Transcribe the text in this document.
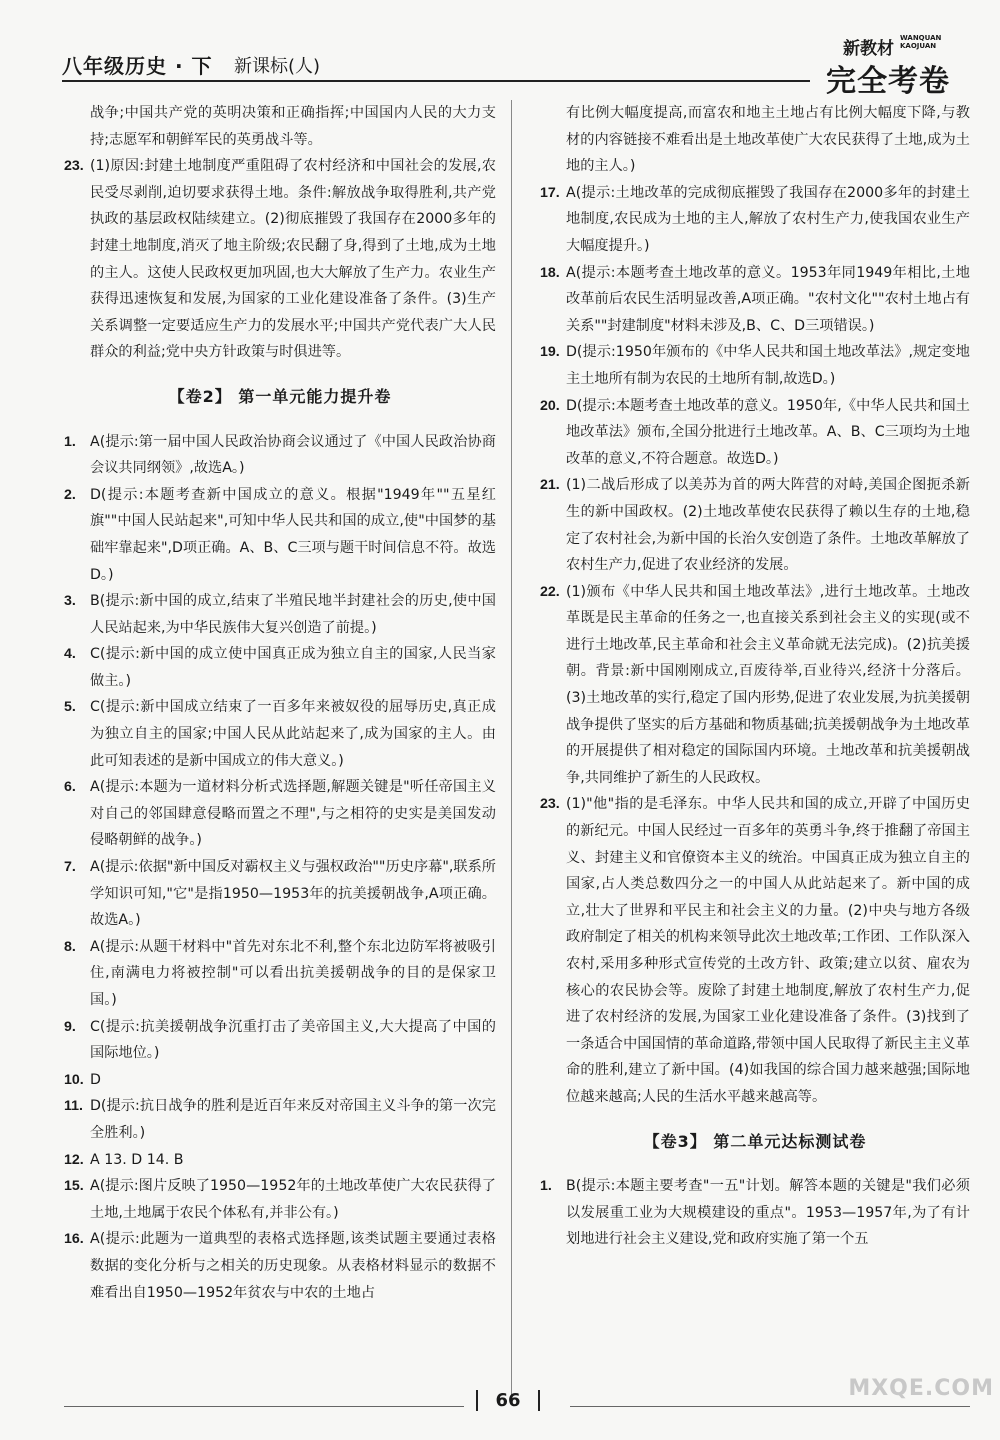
八年级历史 · 下 新课标(人)
新教材
WANQUAN KAOJUAN
完全考卷

战争;中国共产党的英明决策和正确指挥;中国国内人民的大力支持;志愿军和朝鲜军民的英勇战斗等。

23. (1)原因:封建土地制度严重阻碍了农村经济和中国社会的发展,农民受尽剥削,迫切要求获得土地。条件:解放战争取得胜利,共产党执政的基层政权陆续建立。(2)彻底摧毁了我国存在2000多年的封建土地制度,消灭了地主阶级;农民翻了身,得到了土地,成为土地的主人。这使人民政权更加巩固,也大大解放了生产力。农业生产获得迅速恢复和发展,为国家的工业化建设准备了条件。(3)生产关系调整一定要适应生产力的发展水平;中国共产党代表广大人民群众的利益;党中央方针政策与时俱进等。

【卷2】 第一单元能力提升卷

1. A(提示:第一届中国人民政治协商会议通过了《中国人民政治协商会议共同纲领》,故选A。)

2. D(提示:本题考查新中国成立的意义。根据"1949年""五星红旗""中国人民站起来",可知中华人民共和国的成立,使"中国梦的基础牢靠起来",D项正确。A、B、C三项与题干时间信息不符。故选D。)

3. B(提示:新中国的成立,结束了半殖民地半封建社会的历史,使中国人民站起来,为中华民族伟大复兴创造了前提。)

4. C(提示:新中国的成立使中国真正成为独立自主的国家,人民当家做主。)

5. C(提示:新中国成立结束了一百多年来被奴役的屈辱历史,真正成为独立自主的国家;中国人民从此站起来了,成为国家的主人。由此可知表述的是新中国成立的伟大意义。)

6. A(提示:本题为一道材料分析式选择题,解题关键是"听任帝国主义对自己的邻国肆意侵略而置之不理",与之相符的史实是美国发动侵略朝鲜的战争。)

7. A(提示:依据"新中国反对霸权主义与强权政治""历史序幕",联系所学知识可知,"它"是指1950—1953年的抗美援朝战争,A项正确。故选A。)

8. A(提示:从题干材料中"首先对东北不利,整个东北边防军将被吸引住,南满电力将被控制"可以看出抗美援朝战争的目的是保家卫国。)

9. C(提示:抗美援朝战争沉重打击了美帝国主义,大大提高了中国的国际地位。)

10. D

11. D(提示:抗日战争的胜利是近百年来反对帝国主义斗争的第一次完全胜利。)

12. A 13. D 14. B

15. A(提示:图片反映了1950—1952年的土地改革使广大农民获得了土地,土地属于农民个体私有,并非公有。)

16. A(提示:此题为一道典型的表格式选择题,该类试题主要通过表格数据的变化分析与之相关的历史现象。从表格材料显示的数据不难看出自1950—1952年贫农与中农的土地占

有比例大幅度提高,而富农和地主土地占有比例大幅度下降,与教材的内容链接不难看出是土地改革使广大农民获得了土地,成为土地的主人。)

17. A(提示:土地改革的完成彻底摧毁了我国存在2000多年的封建土地制度,农民成为土地的主人,解放了农村生产力,使我国农业生产大幅度提升。)

18. A(提示:本题考查土地改革的意义。1953年同1949年相比,土地改革前后农民生活明显改善,A项正确。"农村文化""农村土地占有关系""封建制度"材料未涉及,B、C、D三项错误。)

19. D(提示:1950年颁布的《中华人民共和国土地改革法》,规定变地主土地所有制为农民的土地所有制,故选D。)

20. D(提示:本题考查土地改革的意义。1950年,《中华人民共和国土地改革法》颁布,全国分批进行土地改革。A、B、C三项均为土地改革的意义,不符合题意。故选D。)

21. (1)二战后形成了以美苏为首的两大阵营的对峙,美国企图扼杀新生的新中国政权。(2)土地改革使农民获得了赖以生存的土地,稳定了农村社会,为新中国的长治久安创造了条件。土地改革解放了农村生产力,促进了农业经济的发展。

22. (1)颁布《中华人民共和国土地改革法》,进行土地改革。土地改革既是民主革命的任务之一,也直接关系到社会主义的实现(或不进行土地改革,民主革命和社会主义革命就无法完成)。(2)抗美援朝。背景:新中国刚刚成立,百废待举,百业待兴,经济十分落后。(3)土地改革的实行,稳定了国内形势,促进了农业发展,为抗美援朝战争提供了坚实的后方基础和物质基础;抗美援朝战争为土地改革的开展提供了相对稳定的国际国内环境。土地改革和抗美援朝战争,共同维护了新生的人民政权。

23. (1)"他"指的是毛泽东。中华人民共和国的成立,开辟了中国历史的新纪元。中国人民经过一百多年的英勇斗争,终于推翻了帝国主义、封建主义和官僚资本主义的统治。中国真正成为独立自主的国家,占人类总数四分之一的中国人从此站起来了。新中国的成立,壮大了世界和平民主和社会主义的力量。(2)中央与地方各级政府制定了相关的机构来领导此次土地改革;工作团、工作队深入农村,采用多种形式宣传党的土改方针、政策;建立以贫、雇农为核心的农民协会等。废除了封建土地制度,解放了农村生产力,促进了农村经济的发展,为国家工业化建设准备了条件。(3)找到了一条适合中国国情的革命道路,带领中国人民取得了新民主主义革命的胜利,建立了新中国。(4)如我国的综合国力越来越强;国际地位越来越高;人民的生活水平越来越高等。

【卷3】 第二单元达标测试卷

1. B(提示:本题主要考查"一五"计划。解答本题的关键是"我们必须以发展重工业为大规模建设的重点"。1953—1957年,为了有计划地进行社会主义建设,党和政府实施了第一个五

66	MXQE.COM
